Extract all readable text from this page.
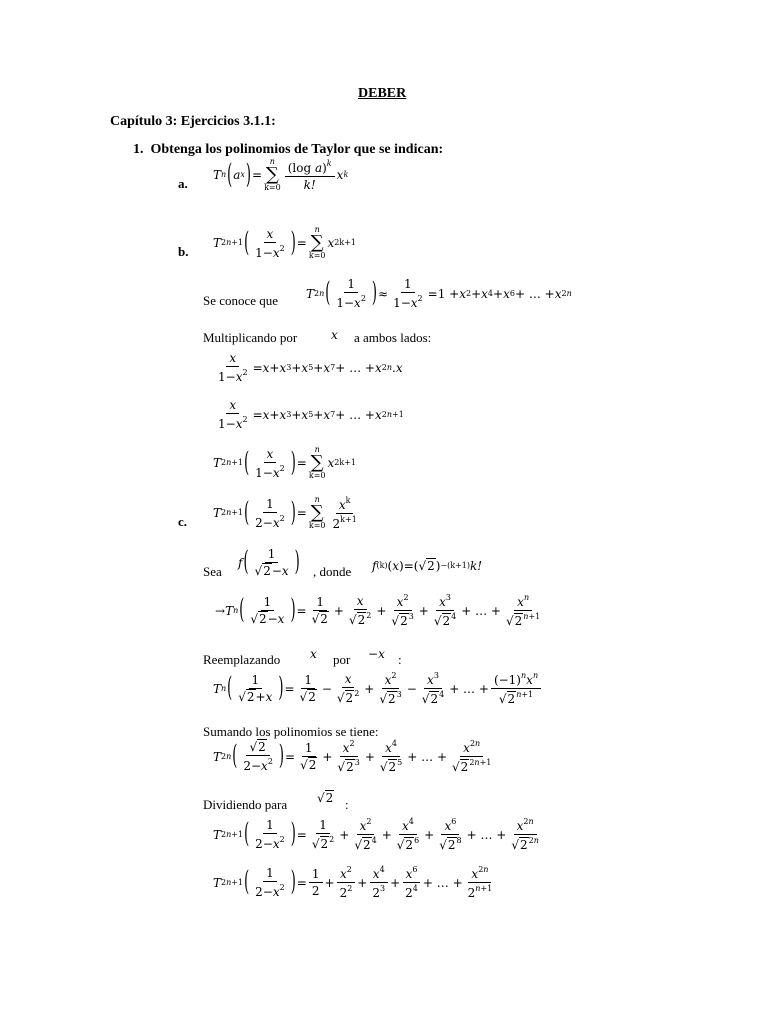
DEBER
Capítulo 3: Ejercicios 3.1.1:
1. Obtenga los polinomios de Taylor que se indican:
a.
T n ( a x ) =
n
∑
$k=0 \frac{(\log a)^k}{k!}$ x k
b.
T 2n+1 ( $\frac{x}{1-x^2}$ ) =
n
∑
k=0
x 2k+1
Se conoce que T 2n ( $\frac{1}{1-x^2}$ ) ≈ $\frac{1}{1-x^2} =1 + x$ 2 + x 4 + x 6 + … + x 2n
Multiplicando por	x a ambos lados:
$\frac{x}{1-x^2} = x + x$ 3 + x 5 + x 7 + … + x 2n . x
$\frac{x}{1-x^2} = x + x$ 3 + x 5 + x 7 + … + x 2n+1
T 2n+1 ( $\frac{x}{1-x^2}$ ) =
n
∑
k=0
x 2k+1
c.
T 2n+1 ( $\frac{1}{2-x^2}$ ) =
n
∑
$k=0 \frac{x^k}{2^{k+1}}$
Sea
f ( $\frac{1}{√2-x}$ ) , donde f (k) ( x )=( √2 ) −(k+1) k!
→ T n ( $\frac{1}{√2-x}$ ) = $\frac{1}{√2} + \frac{x}{√2^2} + \frac{x^2}{√2^3} + \frac{x^3}{√2^4}$ + … + $\frac{x^n}{√2^{n+1}}$
Reemplazando x por −x :
T n ( $\frac{1}{√2+x}$ ) = $\frac{1}{√2} - \frac{x}{√2^2} + \frac{x^2}{√2^3} - \frac{x^3}{√2^4}$ + … + $\frac{(-1)^nx^n}{√2^{n+1}}$
Sumando los polinomios se tiene:
T 2n ( $\frac{√2}{2-x^2}$ ) = $\frac{1}{√2} + \frac{x^2}{√2^3} + \frac{x^4}{√2^5}$ + … + $\frac{x^{2n}}{√2^{2n+1}}$
Dividiendo para √2 :
T 2n+1 ( $\frac{1}{2-x^2}$ ) = $\frac{1}{√2^2} + \frac{x^2}{√2^4} + \frac{x^4}{√2^6} + \frac{x^6}{√2^8}$ + … + $\frac{x^{2n}}{√2^{2n}}$
T 2n+1 ( $\frac{1}{2-x^2}$ ) = $\frac{1}{2} + \frac{x^2}{2^2} + \frac{x^4}{2^3} + \frac{x^6}{2^4}$ + … + $\frac{x^{2n}}{2^{n+1}}$
